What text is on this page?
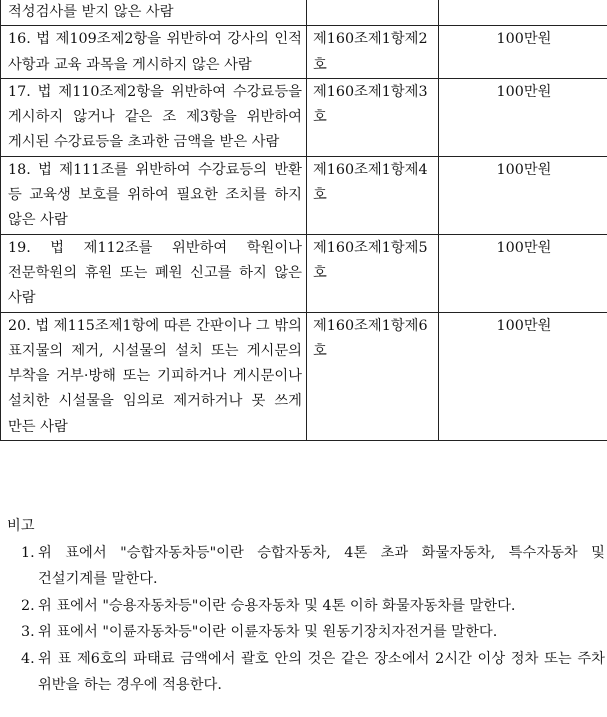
적성검사를 받지 않은 사람		

16. 법 제109조제2항을 위반하여 강사의 인적 사항과 교육 과목을 게시하지 않은 사람	제160조제1항제2호	100만원

17. 법 제110조제2항을 위반하여 수강료등을 게시하지 않거나 같은 조 제3항을 위반하여 게시된 수강료등을 초과한 금액을 받은 사람	제160조제1항제3호	100만원

18. 법 제111조를 위반하여 수강료등의 반환 등 교육생 보호를 위하여 필요한 조치를 하지 않은 사람	제160조제1항제4호	100만원

19. 법 제112조를 위반하여 학원이나 전문학원의 휴원 또는 폐원 신고를 하지 않은 사람	제160조제1항제5호	100만원

20. 법 제115조제1항에 따른 간판이나 그 밖의 표지물의 제거, 시설물의 설치 또는 게시문의 부착을 거부·방해 또는 기피하거나 게시문이나 설치한 시설물을 임의로 제거하거나 못 쓰게 만든 사람	제160조제1항제6호	100만원
비고
1. 위 표에서 "승합자동차등"이란 승합자동차, 4톤 초과 화물자동차, 특수자동차 및 건설기계를 말한다.
2. 위 표에서 "승용자동차등"이란 승용자동차 및 4톤 이하 화물자동차를 말한다.
3. 위 표에서 "이륜자동차등"이란 이륜자동차 및 원동기장치자전거를 말한다.
4. 위 표 제6호의 파태료 금액에서 괄호 안의 것은 같은 장소에서 2시간 이상 정차 또는 주차 위반을 하는 경우에 적용한다.
